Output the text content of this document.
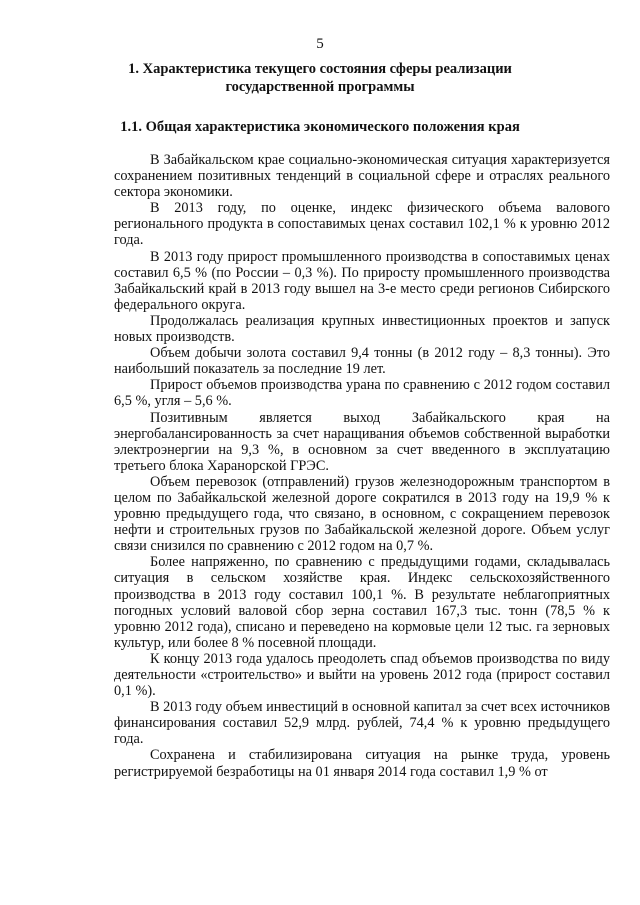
5
1. Характеристика текущего состояния сферы реализации государственной программы
1.1. Общая характеристика экономического положения края

В Забайкальском крае социально-экономическая ситуация характеризуется сохранением позитивных тенденций в социальной сфере и отраслях реального сектора экономики.

В 2013 году, по оценке, индекс физического объема валового регионального продукта в сопоставимых ценах составил 102,1 % к уровню 2012 года.

В 2013 году прирост промышленного производства в сопоставимых ценах составил 6,5 % (по России – 0,3 %). По приросту промышленного производства Забайкальский край в 2013 году вышел на 3-е место среди регионов Сибирского федерального округа.

Продолжалась реализация крупных инвестиционных проектов и запуск новых производств.

Объем добычи золота составил 9,4 тонны (в 2012 году – 8,3 тонны). Это наибольший показатель за последние 19 лет.

Прирост объемов производства урана по сравнению с 2012 годом составил 6,5 %, угля – 5,6 %.

Позитивным является выход Забайкальского края на энергобалансированность за счет наращивания объемов собственной выработки электроэнергии на 9,3 %, в основном за счет введенного в эксплуатацию третьего блока Харанорской ГРЭС.

Объем перевозок (отправлений) грузов железнодорожным транспортом в целом по Забайкальской железной дороге сократился в 2013 году на 19,9 % к уровню предыдущего года, что связано, в основном, с сокращением перевозок нефти и строительных грузов по Забайкальской железной дороге. Объем услуг связи снизился по сравнению с 2012 годом на 0,7 %.

Более напряженно, по сравнению с предыдущими годами, складывалась ситуация в сельском хозяйстве края. Индекс сельскохозяйственного производства в 2013 году составил 100,1 %. В результате неблагоприятных погодных условий валовой сбор зерна составил 167,3 тыс. тонн (78,5 % к уровню 2012 года), списано и переведено на кормовые цели 12 тыс. га зерновых культур, или более 8 % посевной площади.

К концу 2013 года удалось преодолеть спад объемов производства по виду деятельности «строительство» и выйти на уровень 2012 года (прирост составил 0,1 %).

В 2013 году объем инвестиций в основной капитал за счет всех источников финансирования составил 52,9 млрд. рублей, 74,4 % к уровню предыдущего года.

Сохранена и стабилизирована ситуация на рынке труда, уровень регистрируемой безработицы на 01 января 2014 года составил 1,9 % от
